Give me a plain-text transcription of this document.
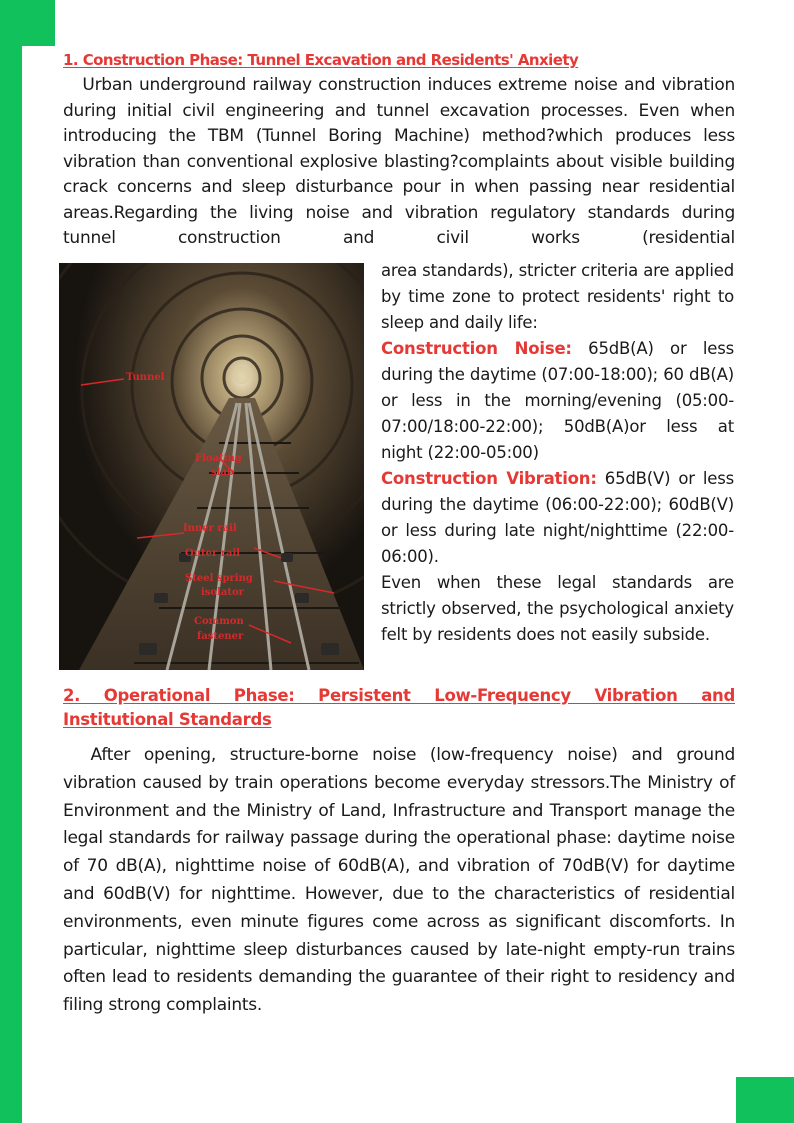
1. Construction Phase: Tunnel Excavation and Residents' Anxiety

Urban underground railway construction induces extreme noise and vibration during initial civil engineering and tunnel excavation processes. Even when introducing the TBM (Tunnel Boring Machine) method?which produces less vibration than conventional explosive blasting?complaints about visible building crack concerns and sleep disturbance pour in when passing near residential areas.Regarding the living noise and vibration regulatory standards during tunnel construction and civil works (residential

Tunnel
Floating
slab
Inner rail
Outer rail
Steel spring
isolator
Common
fastener

area standards), stricter criteria are applied by time zone to protect residents' right to sleep and daily life:
Construction Noise: 65dB(A) or less during the daytime (07:00-18:00); 60 dB(A) or less in the morning/evening (05:00-07:00/18:00-22:00); 50dB(A)or less at night (22:00-05:00)
Construction Vibration: 65dB(V) or less during the daytime (06:00-22:00); 60dB(V) or less during late night/nighttime (22:00- 06:00).
Even when these legal standards are strictly observed, the psychological anxiety felt by residents does not easily subside.

2. Operational Phase: Persistent Low-Frequency Vibration and Institutional Standards

After opening, structure-borne noise (low-frequency noise) and ground vibration caused by train operations become everyday stressors.The Ministry of Environment and the Ministry of Land, Infrastructure and Transport manage the legal standards for railway passage during the operational phase: daytime noise of 70 dB(A), nighttime noise of 60dB(A), and vibration of 70dB(V) for daytime and 60dB(V) for nighttime. However, due to the characteristics of residential environments, even minute figures come across as significant discomforts. In particular, nighttime sleep disturbances caused by late-night empty-run trains often lead to residents demanding the guarantee of their right to residency and filing strong complaints.
